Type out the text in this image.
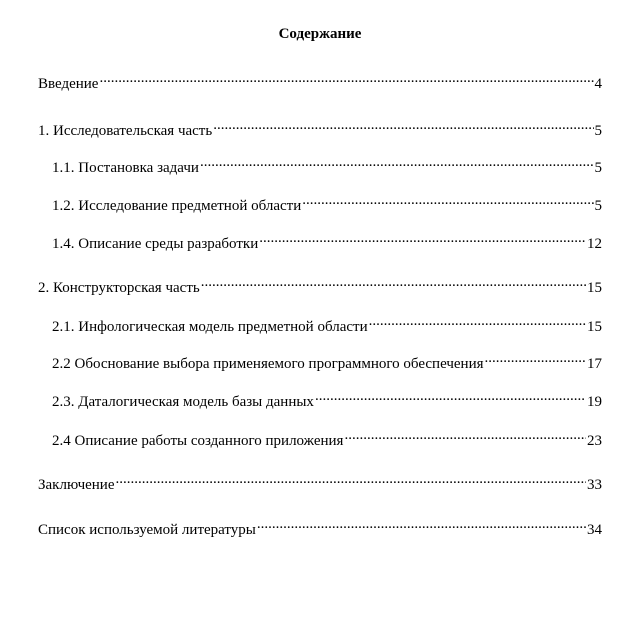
Содержание
Введение .....	4
1. Исследовательская часть .....	5
1.1. Постановка задачи .....	5
1.2. Исследование предметной области .....	5
1.4. Описание среды разработки .....	12
2. Конструкторская часть .....	15
2.1. Инфологическая модель предметной области .....	15
2.2 Обоснование выбора применяемого программного обеспечения .....	17
2.3. Даталогическая модель базы данных .....	19
2.4 Описание работы созданного приложения .....	23
Заключение .....	33
Список используемой литературы .....	34
